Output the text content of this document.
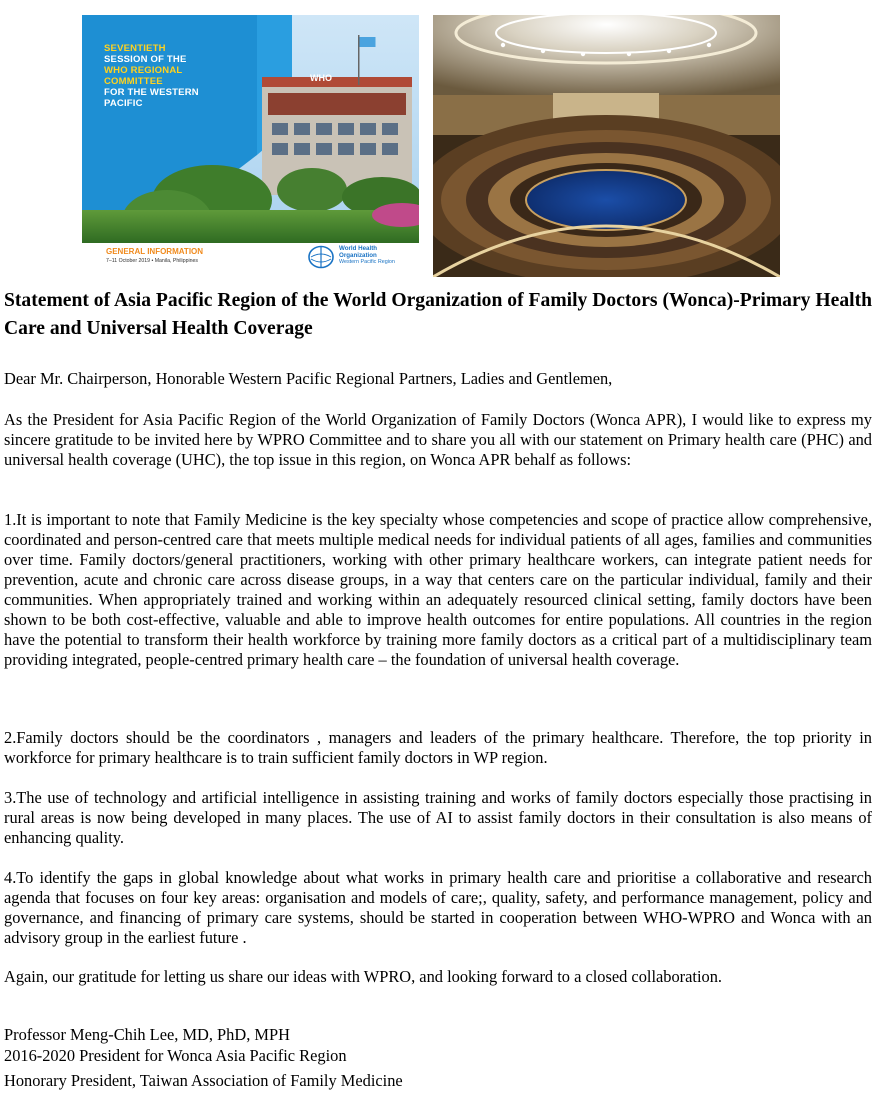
WHO
SEVENTIETH
SESSION OF THE
WHO REGIONAL
COMMITTEE
FOR THE WESTERN
PACIFIC
GENERAL INFORMATION
7–11 October 2019 • Manila, Philippines
World Health
Organization
Western Pacific Region
Statement of Asia Pacific Region of the World Organization of Family Doctors (Wonca)-Primary Health Care and Universal Health Coverage

Dear Mr. Chairperson, Honorable Western Pacific Regional Partners, Ladies and Gentlemen,

As the President for Asia Pacific Region of the World Organization of Family Doctors (Wonca APR), I would like to express my sincere gratitude to be invited here by WPRO Committee and to share you all with our statement on Primary health care (PHC) and universal health coverage (UHC), the top issue in this region, on Wonca APR behalf as follows:

1.It is important to note that Family Medicine is the key specialty whose competencies and scope of practice allow comprehensive, coordinated and person-centred care that meets multiple medical needs for individual patients of all ages, families and communities over time. Family doctors/general practitioners, working with other primary healthcare workers, can integrate patient needs for prevention, acute and chronic care across disease groups, in a way that centers care on the particular individual, family and their communities. When appropriately trained and working within an adequately resourced clinical setting, family doctors have been shown to be both cost-effective, valuable and able to improve health outcomes for entire populations. All countries in the region have the potential to transform their health workforce by training more family doctors as a critical part of a multidisciplinary team providing integrated, people-centred primary health care – the foundation of universal health coverage.

2.Family doctors should be the coordinators , managers and leaders of the primary healthcare. Therefore, the top priority in workforce for primary healthcare is to train sufficient family doctors in WP region.

3.The use of technology and artificial intelligence in assisting training and works of family doctors especially those practising in rural areas is now being developed in many places. The use of AI to assist family doctors in their consultation is also means of enhancing quality.

4.To identify the gaps in global knowledge about what works in primary health care and prioritise a collaborative and research agenda that focuses on four key areas: organisation and models of care;, quality, safety, and performance management, policy and governance, and financing of primary care systems, should be started in cooperation between WHO-WPRO and Wonca with an advisory group in the earliest future .

Again, our gratitude for letting us share our ideas with WPRO, and looking forward to a closed collaboration.

Professor Meng-Chih Lee, MD, PhD, MPH

2016-2020 President for Wonca Asia Pacific Region

Honorary President, Taiwan Association of Family Medicine
